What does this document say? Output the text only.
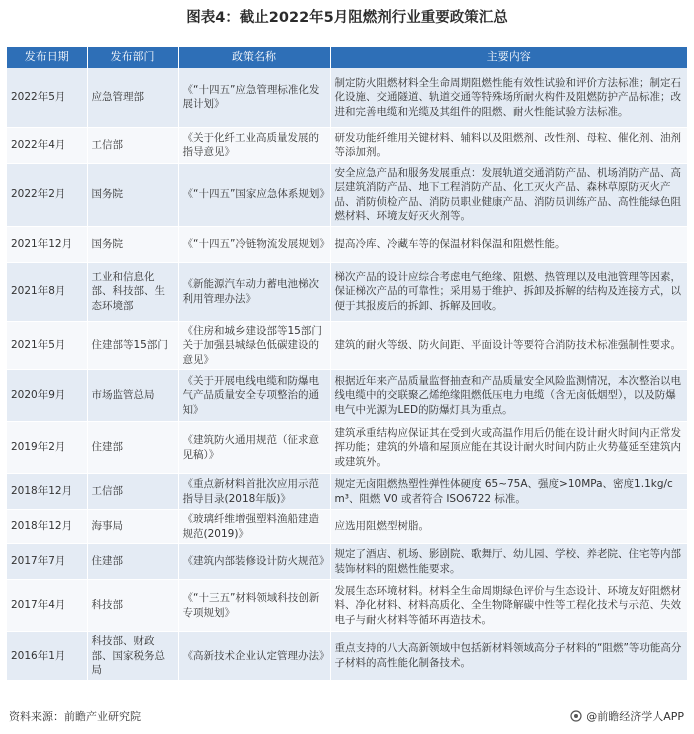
图表4：截止2022年5月阻燃剂行业重要政策汇总
发布日期	发布部门	政策名称	主要内容
2022年5月	应急管理部	《“十四五”应急管理标准化发展计划》	制定防火阻燃材料全生命周期阻燃性能有效性试验和评价方法标准；制定石化设施、交通隧道、轨道交通等特殊场所耐火构件及阻燃防护产品标准；改进和完善电缆和光缆及其组件的阻燃、耐火性能试验方法标准。
2022年4月	工信部	《关于化纤工业高质量发展的指导意见》	研发功能纤维用关键材料、辅料以及阻燃剂、改性剂、母粒、催化剂、油剂等添加剂。
2022年2月	国务院	《“十四五”国家应急体系规划》	安全应急产品和服务发展重点：发展轨道交通消防产品、机场消防产品、高层建筑消防产品、地下工程消防产品、化工灭火产品、森林草原防灭火产品、消防侦检产品、消防员职业健康产品、消防员训练产品、高性能绿色阻燃材料、环境友好灭火剂等。
2021年12月	国务院	《“十四五”冷链物流发展规划》	提高冷库、冷藏车等的保温材料保温和阻燃性能。
2021年8月	工业和信息化部、科技部、生态环境部	《新能源汽车动力蓄电池梯次利用管理办法》	梯次产品的设计应综合考虑电气绝缘、阻燃、热管理以及电池管理等因素，保证梯次产品的可靠性；采用易于维护、拆卸及拆解的结构及连接方式，以便于其报废后的拆卸、拆解及回收。
2021年5月	住建部等15部门	《住房和城乡建设部等15部门关于加强县城绿色低碳建设的意见》	建筑的耐火等级、防火间距、平面设计等要符合消防技术标准强制性要求。
2020年9月	市场监管总局	《关于开展电线电缆和防爆电气产品质量安全专项整治的通知》	根据近年来产品质量监督抽查和产品质量安全风险监测情况，本次整治以电线电缆中的交联聚乙烯绝缘阻燃低压电力电缆（含无卤低烟型），以及防爆电气中光源为LED的防爆灯具为重点。
2019年2月	住建部	《建筑防火通用规范（征求意见稿）》	建筑承重结构应保证其在受到火或高温作用后仍能在设计耐火时间内正常发挥功能；建筑的外墙和屋顶应能在其设计耐火时间内防止火势蔓延至建筑内或建筑外。
2018年12月	工信部	《重点新材料首批次应用示范指导目录(2018年版)》	规定无卤阻燃热塑性弹性体硬度 65~75A、强度>10MPa、密度1.1kg/cm³、阻燃 V0 或者符合 ISO6722 标准。
2018年12月	海事局	《玻璃纤维增强塑料渔船建造规范(2019)》	应选用阻燃型树脂。
2017年7月	住建部	《建筑内部装修设计防火规范》	规定了酒店、机场、影剧院、歌舞厅、幼儿园、学校、养老院、住宅等内部装饰材料的阻燃性能要求。
2017年4月	科技部	《“十三五”材料领域科技创新专项规划》	发展生态环境材料。材料全生命周期绿色评价与生态设计、环境友好阻燃材料、净化材料、材料高质化、全生物降解碳中性等工程化技术与示范、失效电子与耐火材料等循环再造技术。
2016年1月	科技部、财政部、国家税务总局	《高新技术企业认定管理办法》	重点支持的八大高新领域中包括新材料领域高分子材料的“阻燃”等功能高分子材料的高性能化制备技术。
资料来源：前瞻产业研究院	@前瞻经济学人APP
